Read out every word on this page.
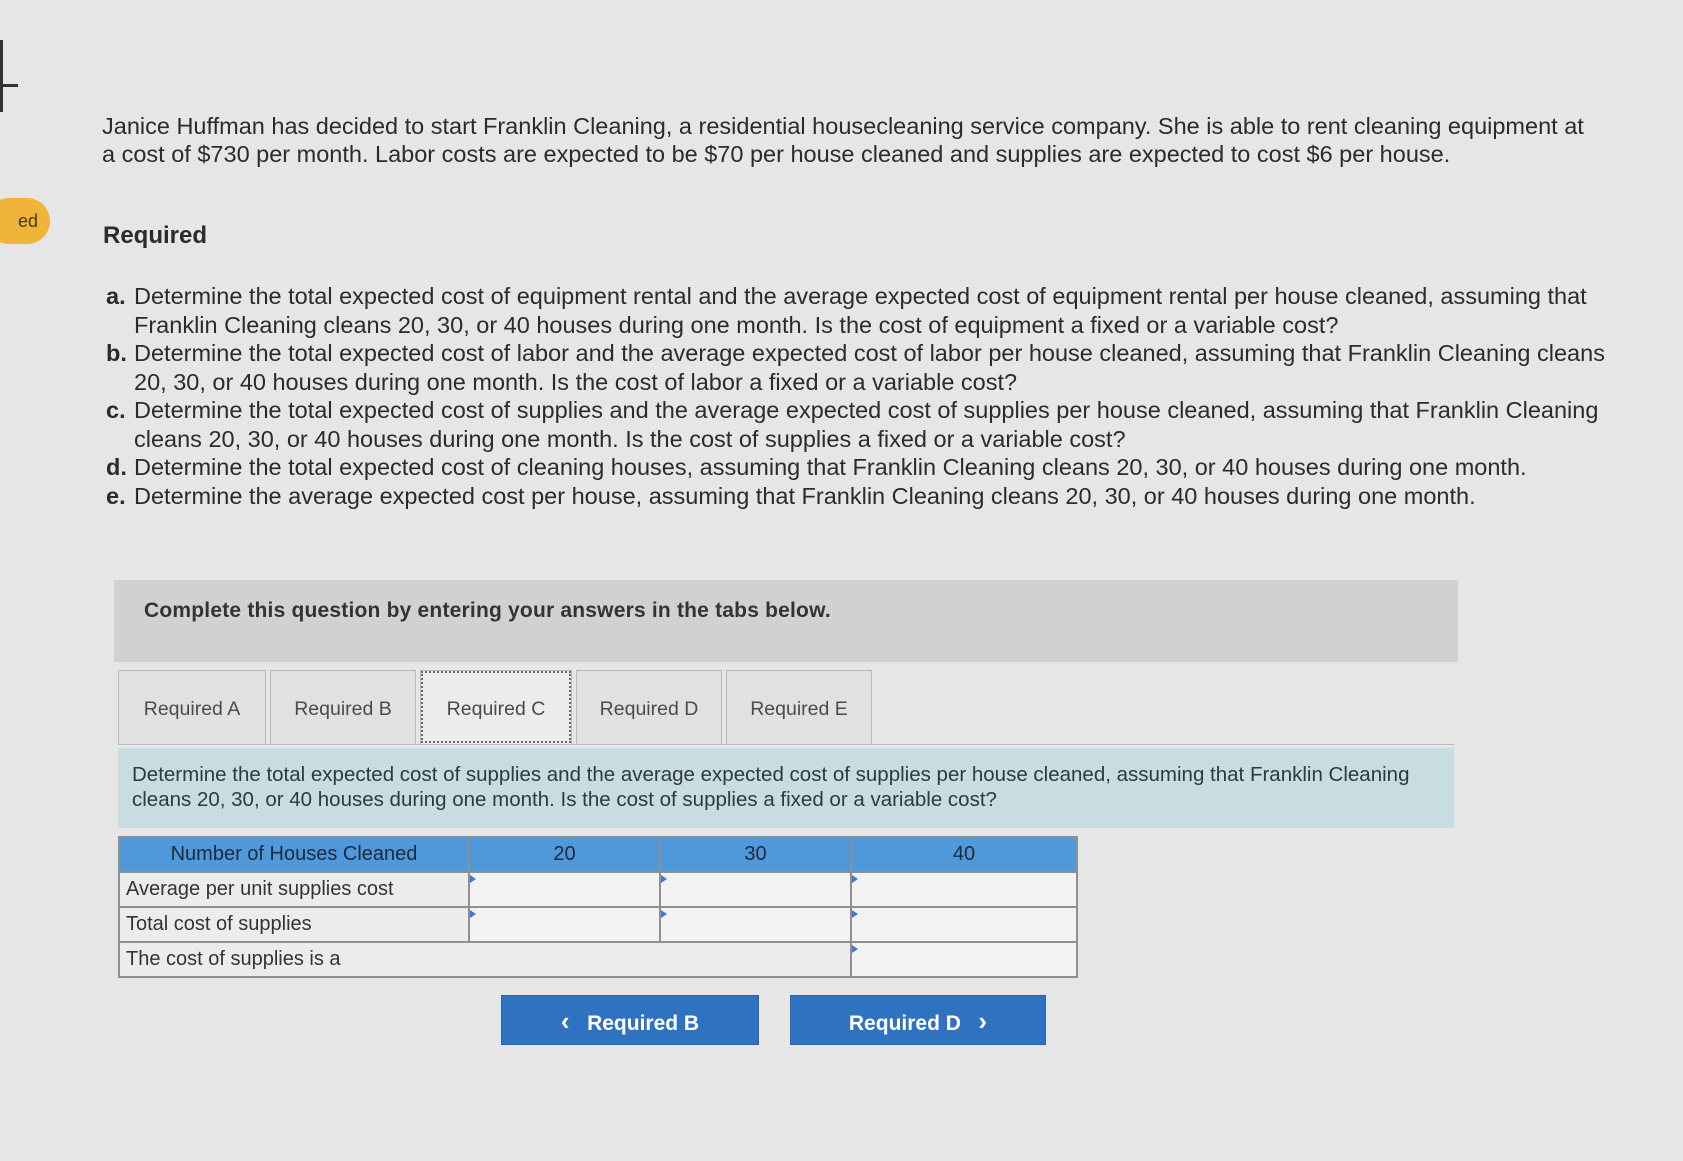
ed

Janice Huffman has decided to start Franklin Cleaning, a residential housecleaning service company. She is able to rent cleaning equipment at a cost of $730 per month. Labor costs are expected to be $70 per house cleaned and supplies are expected to cost $6 per house.

Required
a. Determine the total expected cost of equipment rental and the average expected cost of equipment rental per house cleaned, assuming that Franklin Cleaning cleans 20, 30, or 40 houses during one month. Is the cost of equipment a fixed or a variable cost?
b. Determine the total expected cost of labor and the average expected cost of labor per house cleaned, assuming that Franklin Cleaning cleans 20, 30, or 40 houses during one month. Is the cost of labor a fixed or a variable cost?
c. Determine the total expected cost of supplies and the average expected cost of supplies per house cleaned, assuming that Franklin Cleaning cleans 20, 30, or 40 houses during one month. Is the cost of supplies a fixed or a variable cost?
d. Determine the total expected cost of cleaning houses, assuming that Franklin Cleaning cleans 20, 30, or 40 houses during one month.
e. Determine the average expected cost per house, assuming that Franklin Cleaning cleans 20, 30, or 40 houses during one month.
Complete this question by entering your answers in the tabs below.
Required A	Required B	Required C	Required D	Required E

Determine the total expected cost of supplies and the average expected cost of supplies per house cleaned, assuming that Franklin Cleaning cleans 20, 30, or 40 houses during one month. Is the cost of supplies a fixed or a variable cost?

Number of Houses Cleaned	20	30	40
Average per unit supplies cost			
Total cost of supplies			
The cost of supplies is a	
‹ Required B	Required D ›
